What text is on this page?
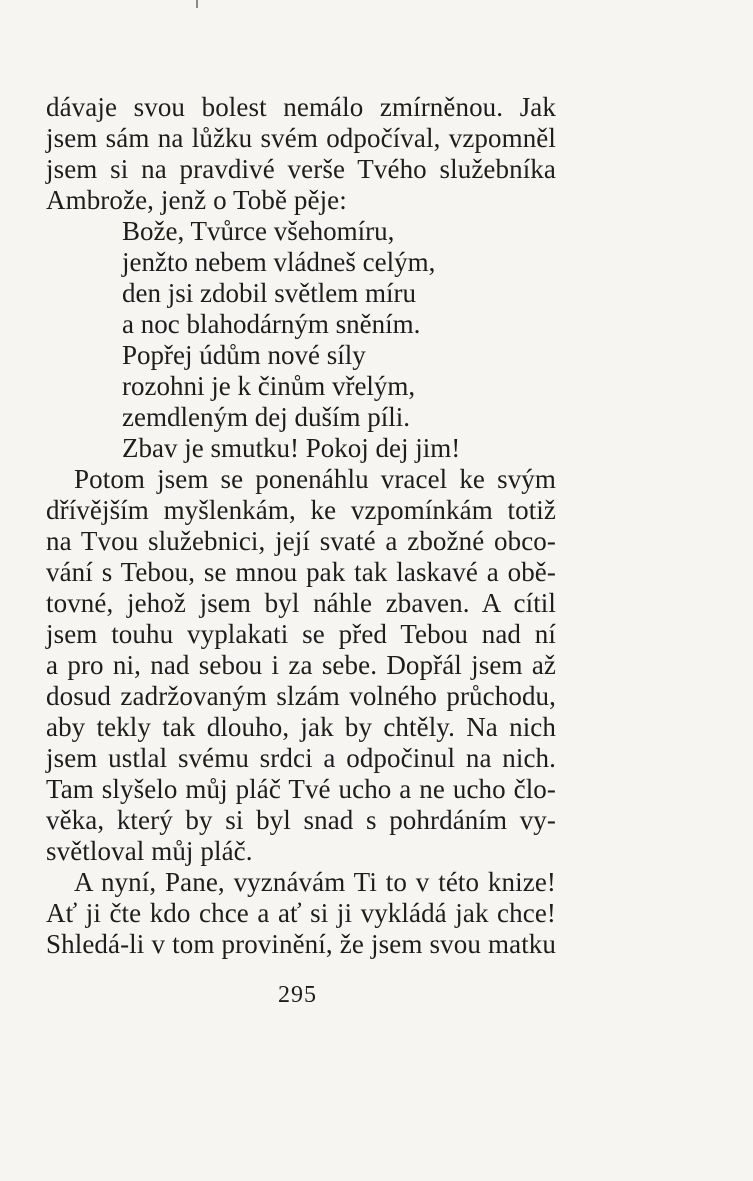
dávaje svou bolest nemálo zmírněnou. Jak
jsem sám na lůžku svém odpočíval, vzpomněl
jsem si na pravdivé verše Tvého služebníka
Ambrože, jenž o Tobě pěje:
Bože, Tvůrce všehomíru,
jenžto nebem vládneš celým,
den jsi zdobil světlem míru
a noc blahodárným sněním.
Popřej údům nové síly
rozohni je k činům vřelým,
zemdleným dej duším píli.
Zbav je smutku! Pokoj dej jim!
Potom jsem se ponenáhlu vracel ke svým
dřívějším myšlenkám, ke vzpomínkám totiž
na Tvou služebnici, její svaté a zbožné obco-
vání s Tebou, se mnou pak tak laskavé a obě-
tovné, jehož jsem byl náhle zbaven. A cítil
jsem touhu vyplakati se před Tebou nad ní
a pro ni, nad sebou i za sebe. Dopřál jsem až
dosud zadržovaným slzám volného průchodu,
aby tekly tak dlouho, jak by chtěly. Na nich
jsem ustlal svému srdci a odpočinul na nich.
Tam slyšelo můj pláč Tvé ucho a ne ucho člo-
věka, který by si byl snad s pohrdáním vy-
světloval můj pláč.
A nyní, Pane, vyznávám Ti to v této knize!
Ať ji čte kdo chce a ať si ji vykládá jak chce!
Shledá-li v tom provinění, že jsem svou matku
295
